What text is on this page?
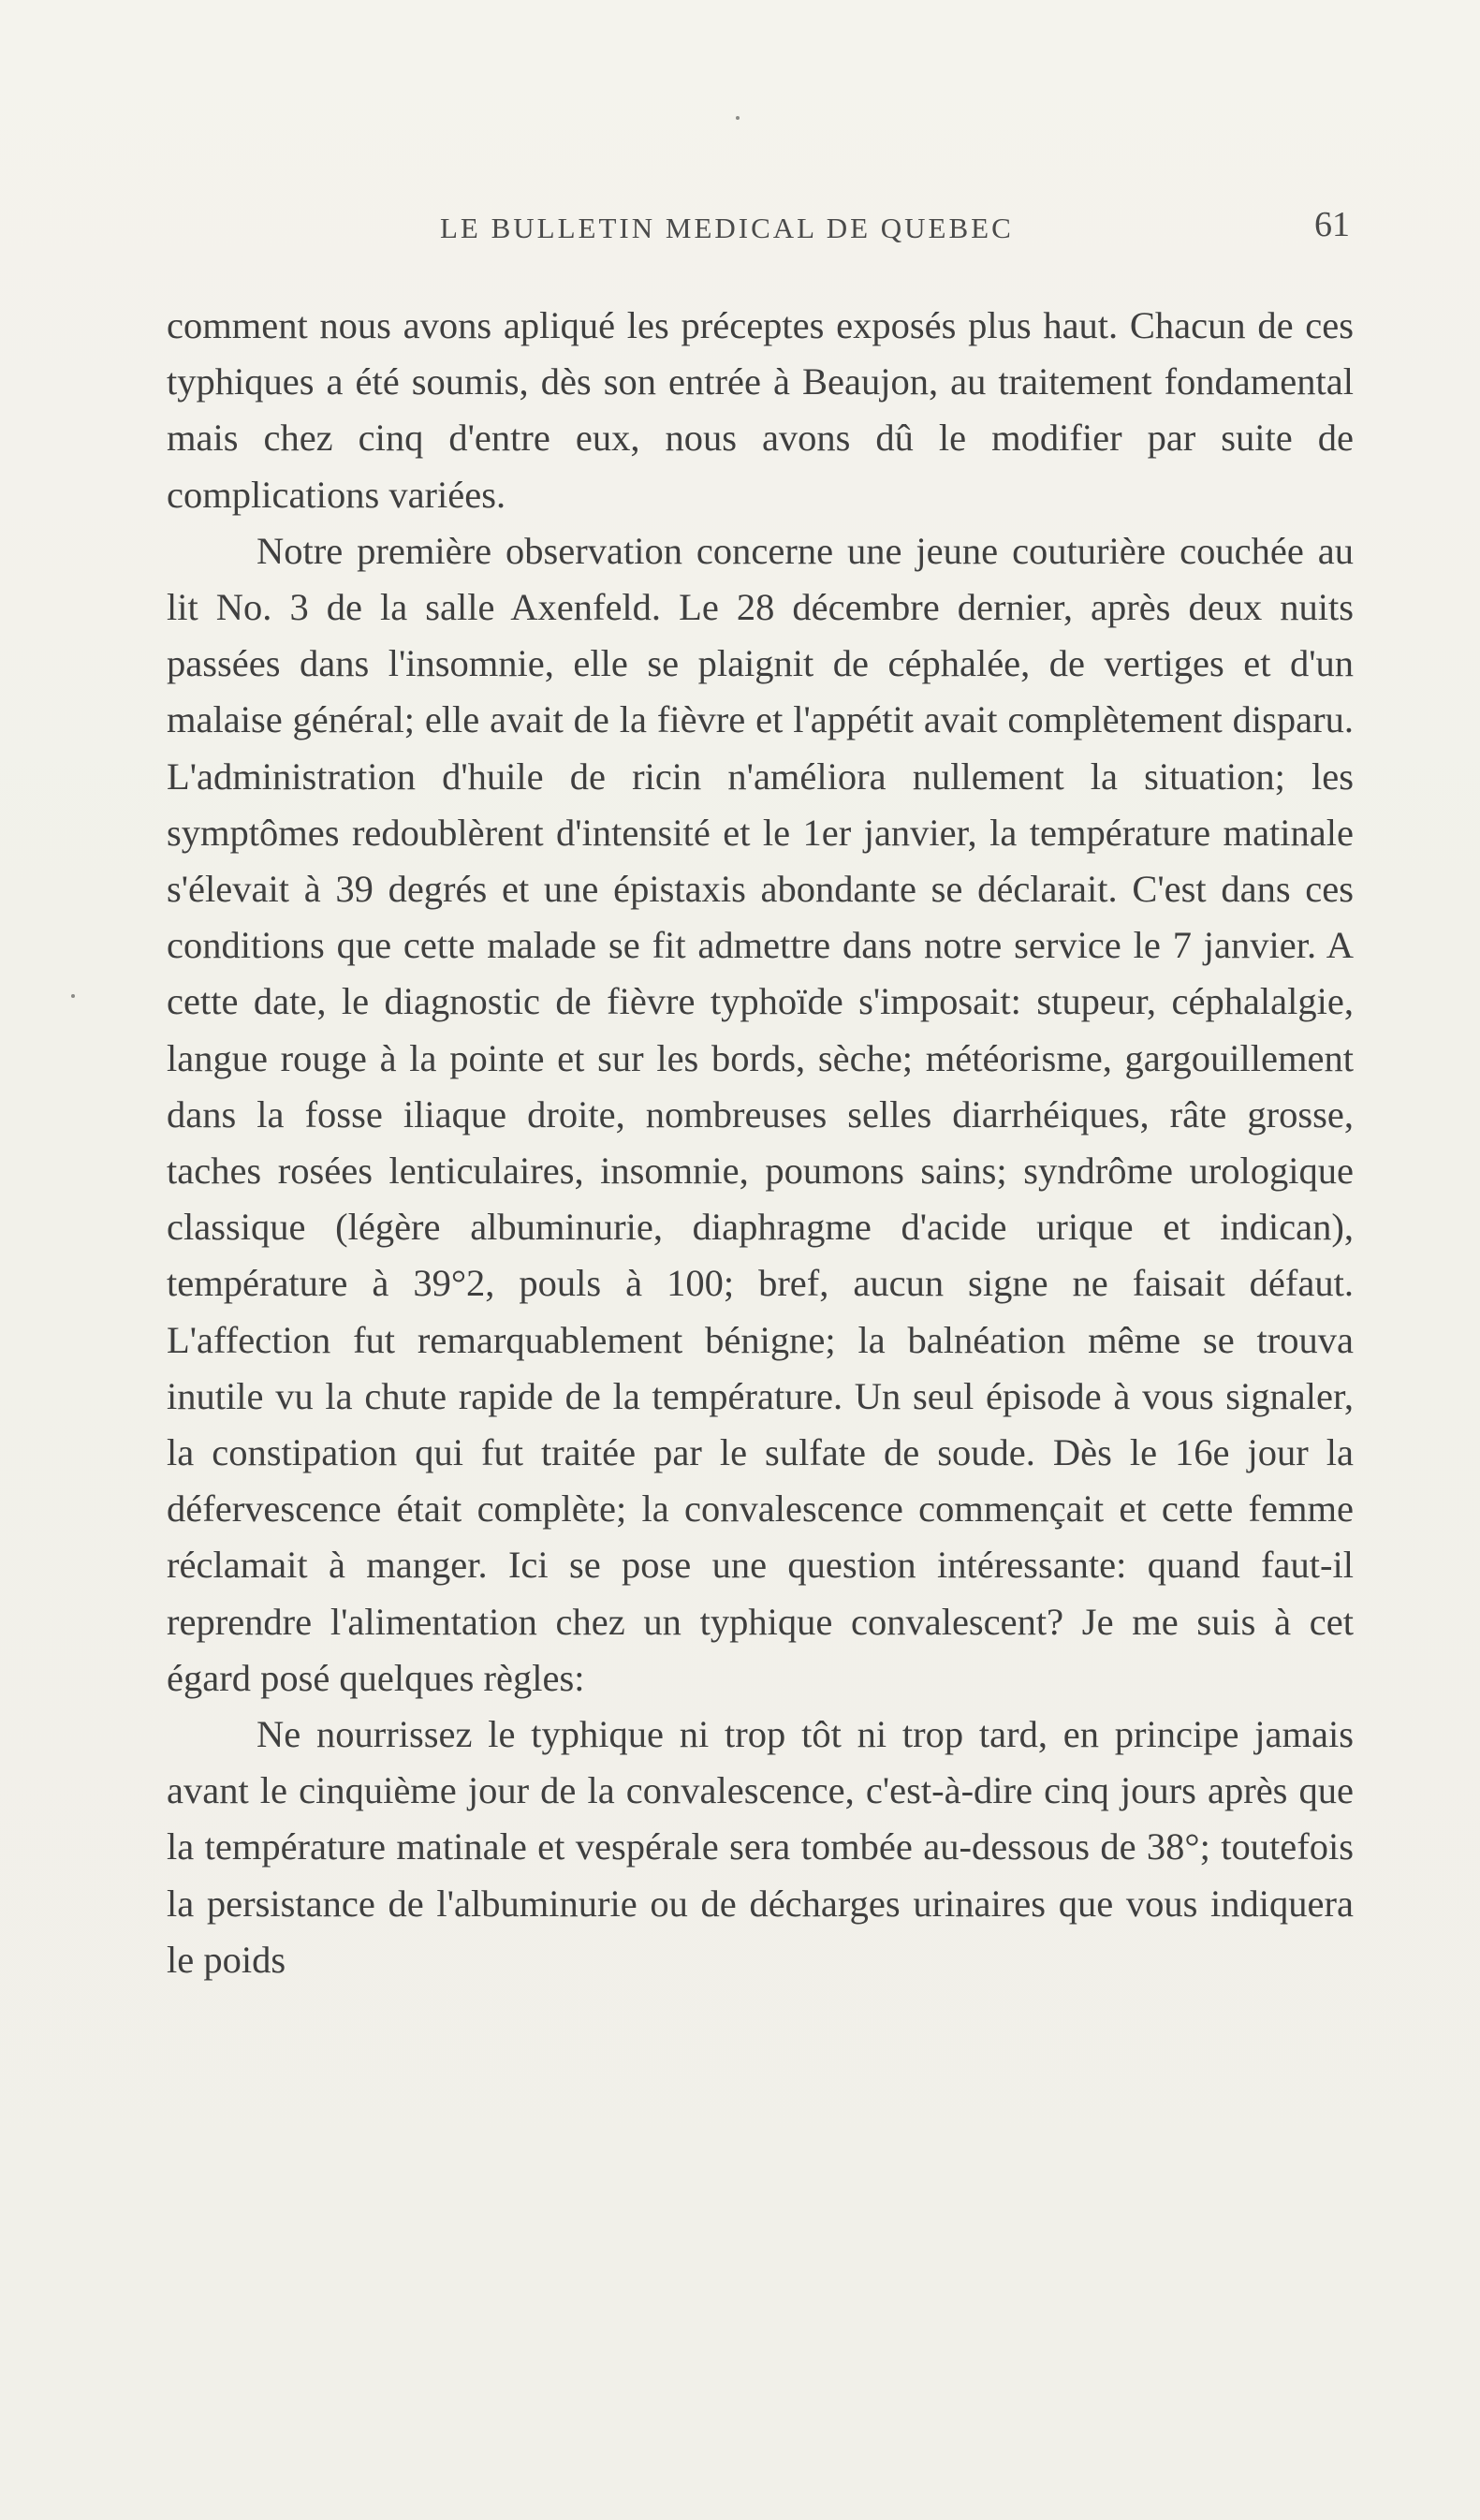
LE BULLETIN MEDICAL DE QUEBEC	61

comment nous avons apliqué les préceptes exposés plus haut. Chacun de ces typhiques a été soumis, dès son entrée à Beaujon, au traitement fondamental mais chez cinq d'entre eux, nous avons dû le modifier par suite de complications variées.

Notre première observation concerne une jeune couturière couchée au lit No. 3 de la salle Axenfeld. Le 28 décembre dernier, après deux nuits passées dans l'insomnie, elle se plaignit de céphalée, de vertiges et d'un malaise général; elle avait de la fièvre et l'appétit avait complètement disparu. L'administration d'huile de ricin n'améliora nullement la situation; les symptômes redoublèrent d'intensité et le 1er janvier, la température matinale s'élevait à 39 degrés et une épistaxis abondante se déclarait. C'est dans ces conditions que cette malade se fit admettre dans notre service le 7 janvier. A cette date, le diagnostic de fièvre typhoïde s'imposait: stupeur, céphalalgie, langue rouge à la pointe et sur les bords, sèche; météorisme, gargouillement dans la fosse iliaque droite, nombreuses selles diarrhéiques, râte grosse, taches rosées lenticulaires, insomnie, poumons sains; syndrôme urologique classique (légère albuminurie, diaphragme d'acide urique et indican), température à 39°2, pouls à 100; bref, aucun signe ne faisait défaut. L'affection fut remarquablement bénigne; la balnéation même se trouva inutile vu la chute rapide de la température. Un seul épisode à vous signaler, la constipation qui fut traitée par le sulfate de soude. Dès le 16e jour la défervescence était complète; la convalescence commençait et cette femme réclamait à manger. Ici se pose une question intéressante: quand faut-il reprendre l'alimentation chez un typhique convalescent? Je me suis à cet égard posé quelques règles:

Ne nourrissez le typhique ni trop tôt ni trop tard, en principe jamais avant le cinquième jour de la convalescence, c'est-à-dire cinq jours après que la température matinale et vespérale sera tombée au-dessous de 38°; toutefois la persistance de l'albuminurie ou de décharges urinaires que vous indiquera le poids
